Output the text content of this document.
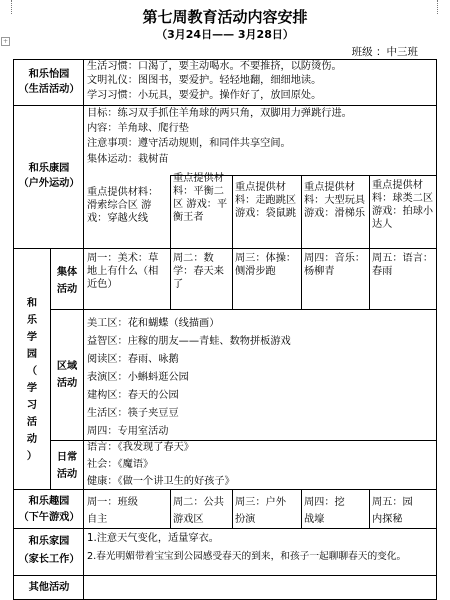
+
第七周教育活动内容安排
（3月24日—— 3月28日）
班级 ：中三班
和乐怡园
（生活活动）
生活习惯：口渴了，要主动喝水。不要推挤，以防烫伤。
文明礼仪：图图书，要爱护。轻轻地翻，细细地读。
学习习惯：小玩具，要爱护。操作好了，放回原处。
和乐康园
（户外运动）
目标：练习双手抓住羊角球的两只角，双脚用力弹跳行进。
内容：羊角球、爬行垫
注意事项：遵守活动规则，和同伴共享空间。
集体运动：栽树苗
重点提供材料：滑索综合区 游戏：穿越火线
重点提供材料：平衡二区 游戏：平衡王者
重点提供材料：走跑跳区 游戏：袋鼠跳
重点提供材料：大型玩具 游戏：滑梯乐
重点提供材料：球类二区 游戏：拍球小达人
和
乐
学
园
（
学
习
活
动
）
集体
活动
周一：美术：草地上有什么（相近色）
周二：数学：春天来了
周三：体操：侧滑步跑
周四：音乐：杨柳青
周五：语言：春雨
区域
活动
美工区：花和蝴蝶（线描画）
益智区：庄稼的朋友——青蛙、数物拼板游戏
阅读区：春雨、咏鹅
表演区：小蝌蚪逛公园
建构区：春天的公园
生活区：筷子夹豆豆
周四：专用室活动
日常
活动
语言：《我发现了春天》
社会：《魔语》
健康：《做一个讲卫生的好孩子》
和乐趣园
（下午游戏）
周一：班级自主
周二：公共游戏区
周三：户外扮演
周四：挖战壕
周五：园内探秘
和乐家园
（家长工作）
1.注意天气变化，适量穿衣。
2.春光明媚带着宝宝到公园感受春天的到来，和孩子一起聊聊春天的变化。
其他活动
